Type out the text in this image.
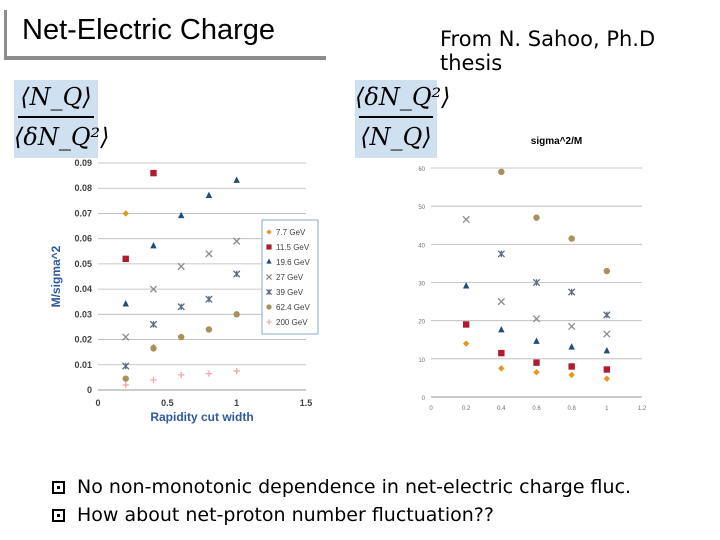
Net-Electric Charge	From N. Sahoo, Ph.D thesis
⟨N_Q⟩
⟨δN_Q²⟩
⟨δN_Q²⟩
⟨N_Q⟩
0
0.01
0.02
0.03
0.04
0.05
0.06
0.07
0.08
0.09
0	0.5	1	1.5
Rapidity cut width
M/sigma^2
7.7 GeV
11.5 GeV
19.6 GeV
27 GeV
39 GeV
62.4 GeV
200 GeV
0
10
20
30
40
50
60
0	0.2	0.4	0.6	0.8	1	1.2
sigma^2/M
No non-monotonic dependence in net-electric charge fluc.
How about net-proton number fluctuation??
